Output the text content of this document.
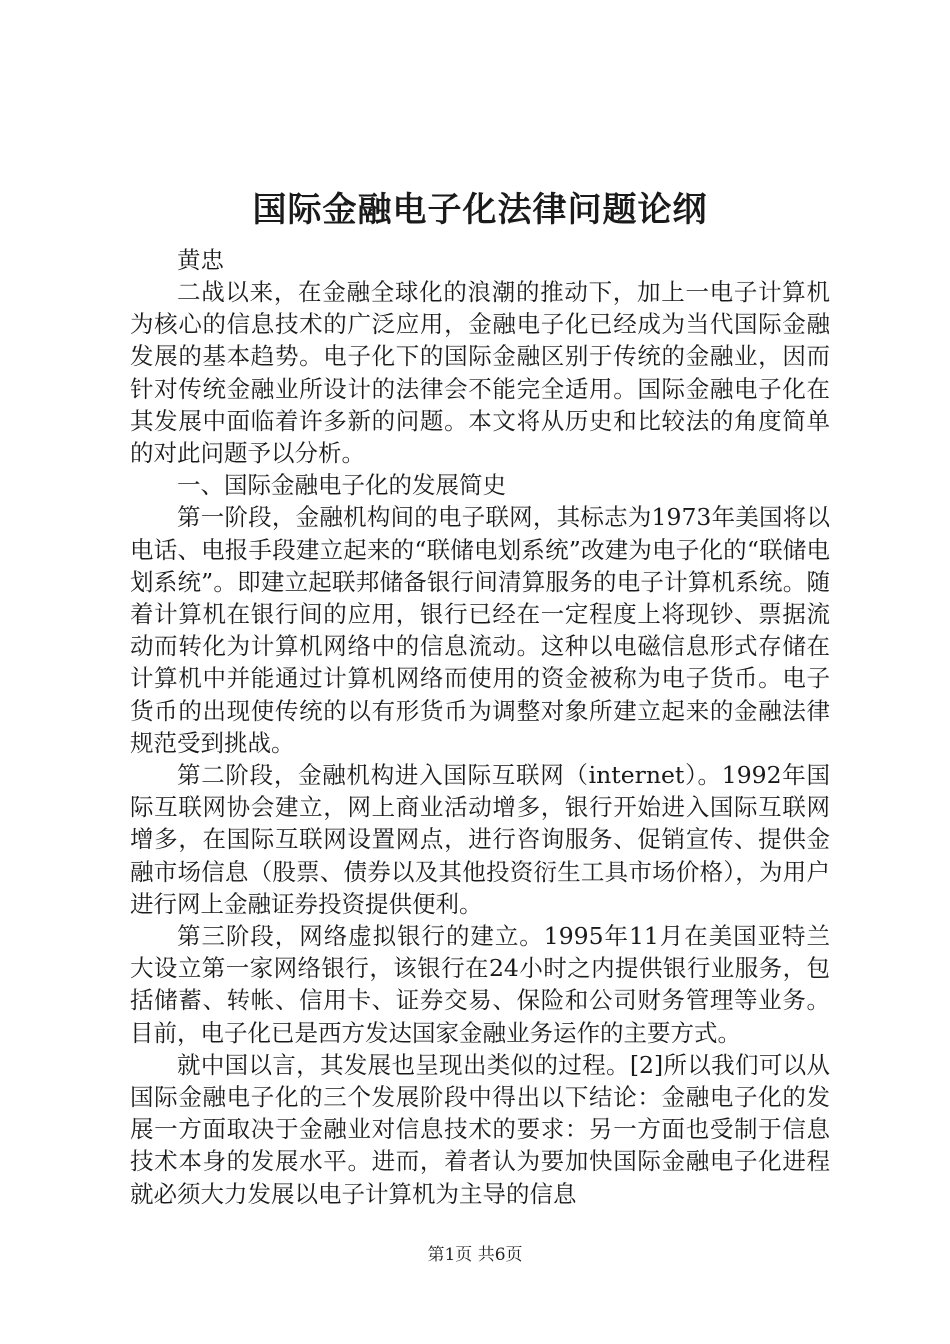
国际金融电子化法律问题论纲

黄忠

二战以来，在金融全球化的浪潮的推动下，加上一电子计算机为核心的信息技术的广泛应用，金融电子化已经成为当代国际金融发展的基本趋势。电子化下的国际金融区别于传统的金融业，因而针对传统金融业所设计的法律会不能完全适用。国际金融电子化在其发展中面临着许多新的问题。本文将从历史和比较法的角度简单的对此问题予以分析。

一、国际金融电子化的发展简史

第一阶段，金融机构间的电子联网，其标志为1973年美国将以电话、电报手段建立起来的“联储电划系统”改建为电子化的“联储电划系统”。即建立起联邦储备银行间清算服务的电子计算机系统。随着计算机在银行间的应用，银行已经在一定程度上将现钞、票据流动而转化为计算机网络中的信息流动。这种以电磁信息形式存储在计算机中并能通过计算机网络而使用的资金被称为电子货币。电子货币的出现使传统的以有形货币为调整对象所建立起来的金融法律规范受到挑战。

第二阶段，金融机构进入国际互联网（internet）。1992年国际互联网协会建立，网上商业活动增多，银行开始进入国际互联网增多，在国际互联网设置网点，进行咨询服务、促销宣传、提供金融市场信息（股票、债券以及其他投资衍生工具市场价格），为用户进行网上金融证券投资提供便利。

第三阶段，网络虚拟银行的建立。1995年11月在美国亚特兰大设立第一家网络银行，该银行在24小时之内提供银行业服务，包括储蓄、转帐、信用卡、证券交易、保险和公司财务管理等业务。目前，电子化已是西方发达国家金融业务运作的主要方式。

就中国以言，其发展也呈现出类似的过程。[2]所以我们可以从国际金融电子化的三个发展阶段中得出以下结论：金融电子化的发展一方面取决于金融业对信息技术的要求：另一方面也受制于信息技术本身的发展水平。进而，着者认为要加快国际金融电子化进程就必须大力发展以电子计算机为主导的信息

第1页 共6页
